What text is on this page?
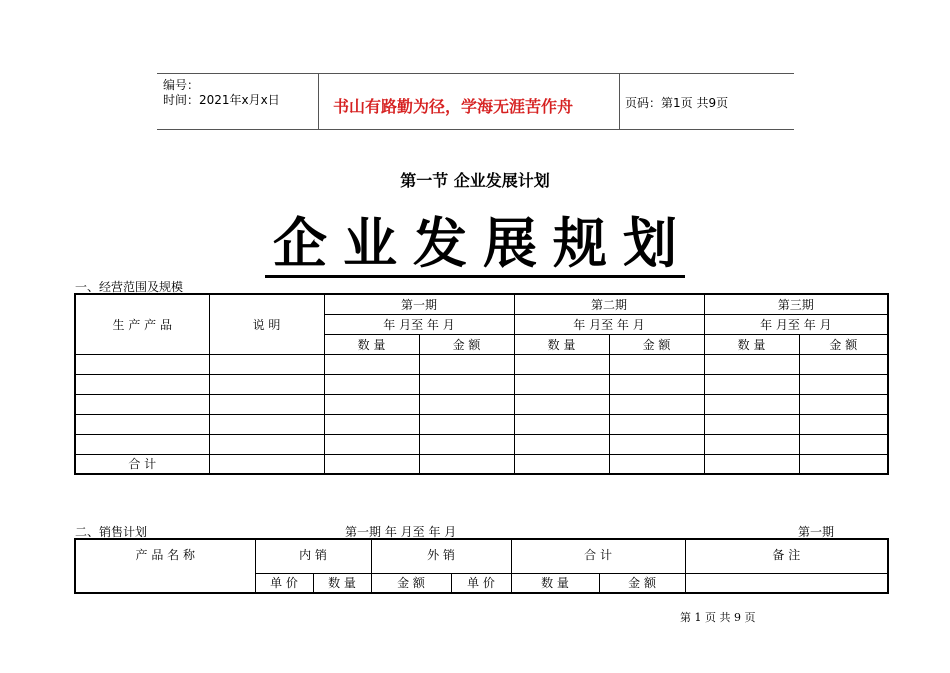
编号：
时间：2021年x月x日	书山有路勤为径，学海无涯苦作舟	页码：第1页 共9页
第一节 企业发展计划
企 业 发 展 规 划
一、经营范围及规模
生 产 产 品	说 明	第一期		第二期		第三期	
		年 月至 年 月		年 月至 年 月		年 月至 年 月	
		数 量	金 额	数 量	金 额	数 量	金 额

合 计							
二、销售计划	第一期 年 月至 年 月	第一期
产 品 名 称	内 销		外 销		合 计		备 注
	单 价	数 量	金 额	单 价	数 量	金 额	
第 1 页 共 9 页
